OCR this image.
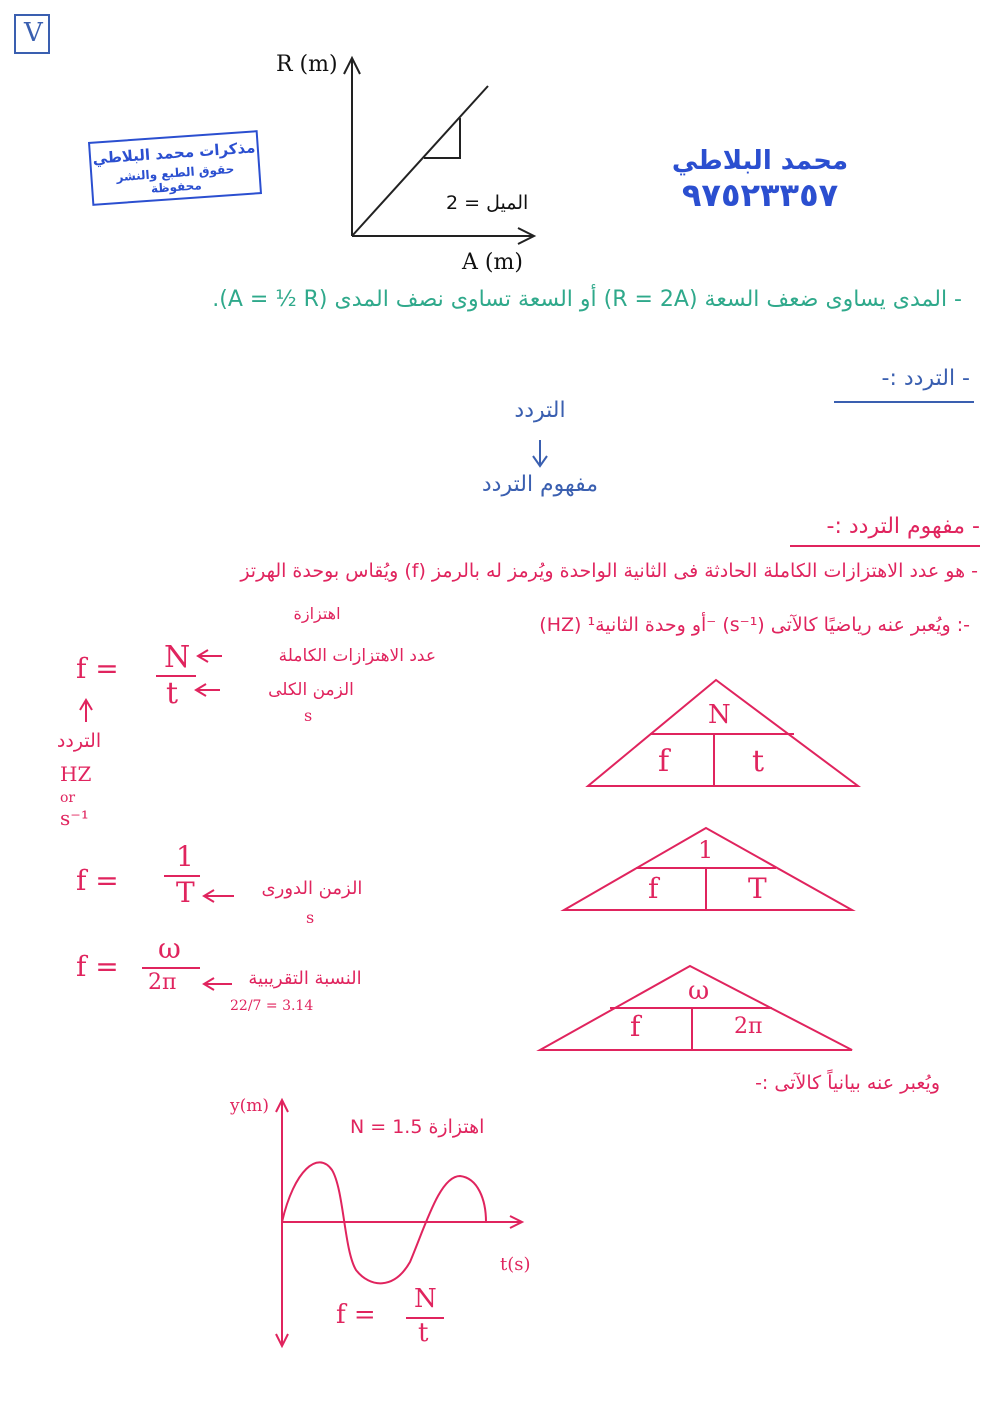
V
مذكرات محمد البلاطي
حقوق الطبع والنشر محفوظة
محمد البلاطي
٩٧٥٢٣٣٥٧
R (m)
A (m)
الميل = 2
- المدى يساوى ضعف السعة (R = 2A) أو السعة تساوى نصف المدى (A = ½ R).
- التردد :-
التردد
مفهوم التردد
- مفهوم التردد :-
- هو عدد الاهتزازات الكاملة الحادثة فى الثانية الواحدة ويُرمز له بالرمز (f) ويُقاس بوحدة الهرتز
(HZ) أو وحدة الثانية¹⁻ (s⁻¹) ويُعبر عنه رياضيًا كالآتى :-
اهتزازة
f = N
t
عدد الاهتزازات الكاملة
الزمن الكلى
s
التردد
HZ
or
s⁻¹
f =
1
T	الزمن الدورى
s
f =
ω
2π	النسبة التقريبية
22/7 = 3.14
N
f	t
1
f	T
ω
f	2π
ويُعبر عنه بيانياً كالآتى :-
y(m)
t(s)
N = 1.5 اهتزازة
f =
N
t
